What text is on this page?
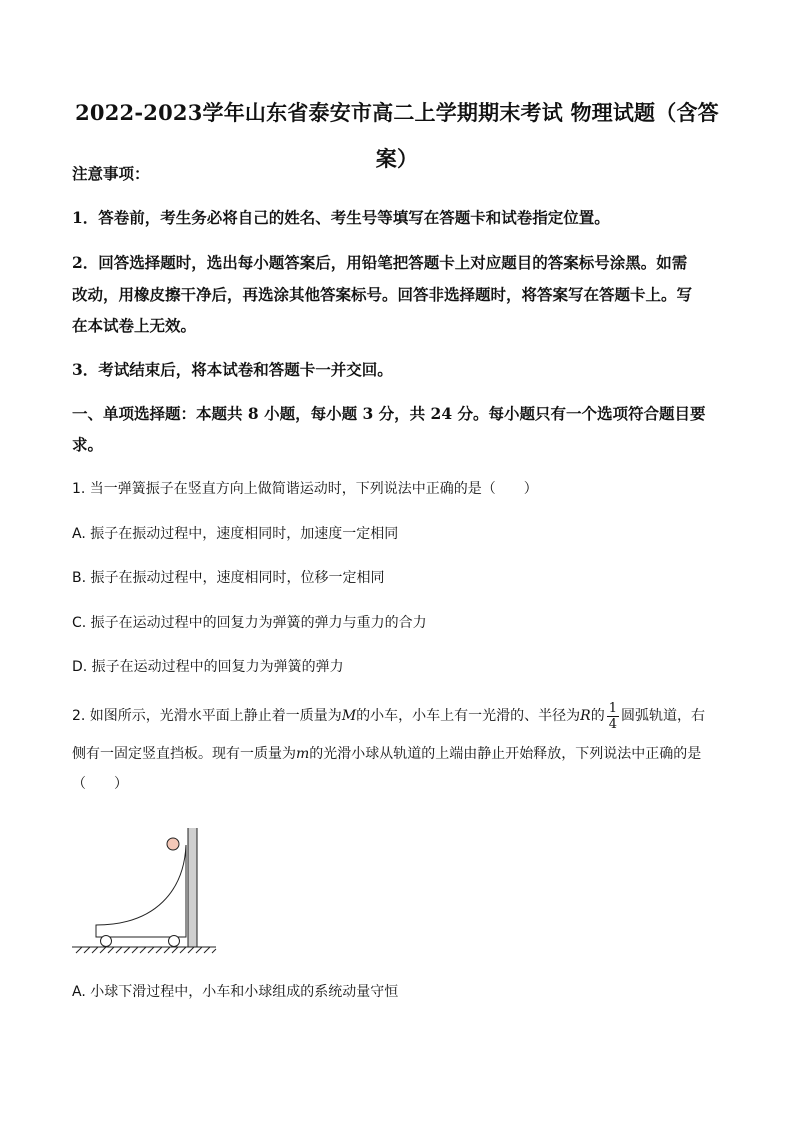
2022-2023学年山东省泰安市高二上学期期末考试 物理试题（含答
案）
注意事项：
1．答卷前，考生务必将自己的姓名、考生号等填写在答题卡和试卷指定位置。
2．回答选择题时，选出每小题答案后，用铅笔把答题卡上对应题目的答案标号涂黑。如需
改动，用橡皮擦干净后，再选涂其他答案标号。回答非选择题时，将答案写在答题卡上。写
在本试卷上无效。
3．考试结束后，将本试卷和答题卡一并交回。
一、单项选择题：本题共 8 小题，每小题 3 分，共 24 分。每小题只有一个选项符合题目要
求。
1. 当一弹簧振子在竖直方向上做简谐运动时，下列说法中正确的是（　　）
A. 振子在振动过程中，速度相同时，加速度一定相同
B. 振子在振动过程中，速度相同时，位移一定相同
C. 振子在运动过程中的回复力为弹簧的弹力与重力的合力
D. 振子在运动过程中的回复力为弹簧的弹力
2. 如图所示，光滑水平面上静止着一质量为M的小车，小车上有一光滑的、半径为R的 $\frac{1}{4}$ 圆弧轨道，右
侧有一固定竖直挡板。现有一质量为m的光滑小球从轨道的上端由静止开始释放，下列说法中正确的是
（　　）
A. 小球下滑过程中，小车和小球组成的系统动量守恒
